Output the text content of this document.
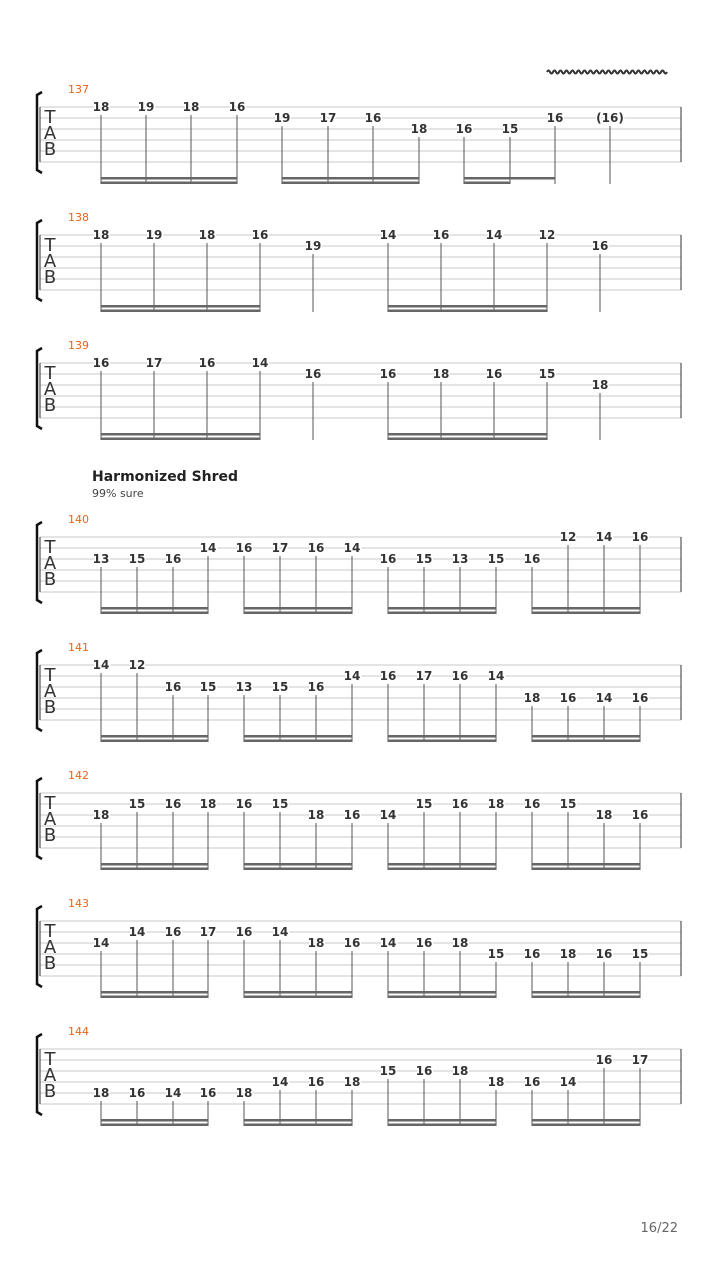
T
A
B
137
18 19 18 16
19 17 16
18 16 15
16	(16)
T
A
B
138
18	19	18	16
19
14	16	14	12
16
T
A
B
139
16	17	16	14
16	16	18	16	15
18
T
A
B
140
13 15 16
14 16 17 16 14
16 15 13 15 16
12 14 16
T
A
B
141
14 12
16 15 13 15 16
14 16 17 16 14
18 16 14 16
T
A
B
142
18
15 16 18 16 15
18 16 14
15 16 18 16 15
18 16
T
A
B
143
14
14 16 17 16 14
18 16 14 16 18
15 16 18 16 15
T
A
B
144
18 16 14 16 18
14 16 18
15 16 18
18 16 14
16 17
Harmonized Shred
99% sure
16/22
